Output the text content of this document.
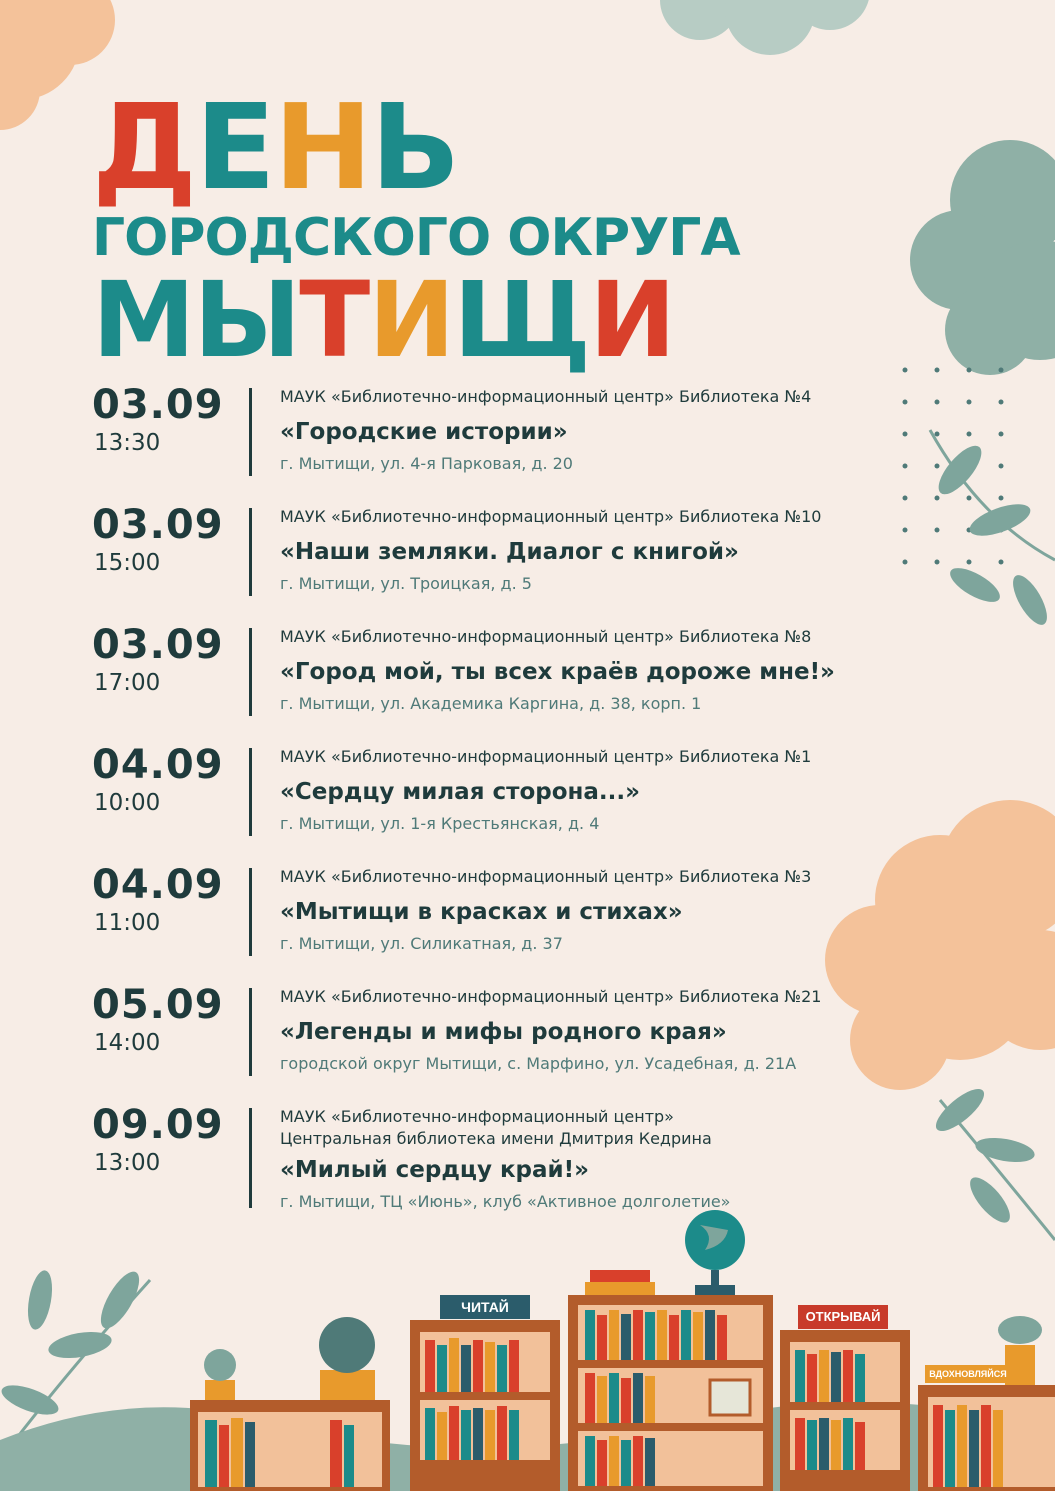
Д Е Н Ь
ГОРОДСКОГО ОКРУГА
М Ы Т И Щ И
03.09
13:30
МАУК «Библиотечно-информационный центр» Библиотека №4
«Городские истории»
г. Мытищи, ул. 4-я Парковая, д. 20
03.09
15:00
МАУК «Библиотечно-информационный центр» Библиотека №10
«Наши земляки. Диалог с книгой»
г. Мытищи, ул. Троицкая, д. 5
03.09
17:00
МАУК «Библиотечно-информационный центр» Библиотека №8
«Город мой, ты всех краёв дороже мне!»
г. Мытищи, ул. Академика Каргина, д. 38, корп. 1
04.09
10:00
МАУК «Библиотечно-информационный центр» Библиотека №1
«Сердцу милая сторона...»
г. Мытищи, ул. 1-я Крестьянская, д. 4
04.09
11:00
МАУК «Библиотечно-информационный центр» Библиотека №3
«Мытищи в красках и стихах»
г. Мытищи, ул. Силикатная, д. 37
05.09
14:00
МАУК «Библиотечно-информационный центр» Библиотека №21
«Легенды и мифы родного края»
городской округ Мытищи, с. Марфино, ул. Усадебная, д. 21А
09.09
13:00
МАУК «Библиотечно-информационный центр»
Центральная библиотека имени Дмитрия Кедрина
«Милый сердцу край!»
г. Мытищи, ТЦ «Июнь», клуб «Активное долголетие»
ЧИТАЙ
ОТКРЫВАЙ
ВДОХНОВЛЯЙСЯ
